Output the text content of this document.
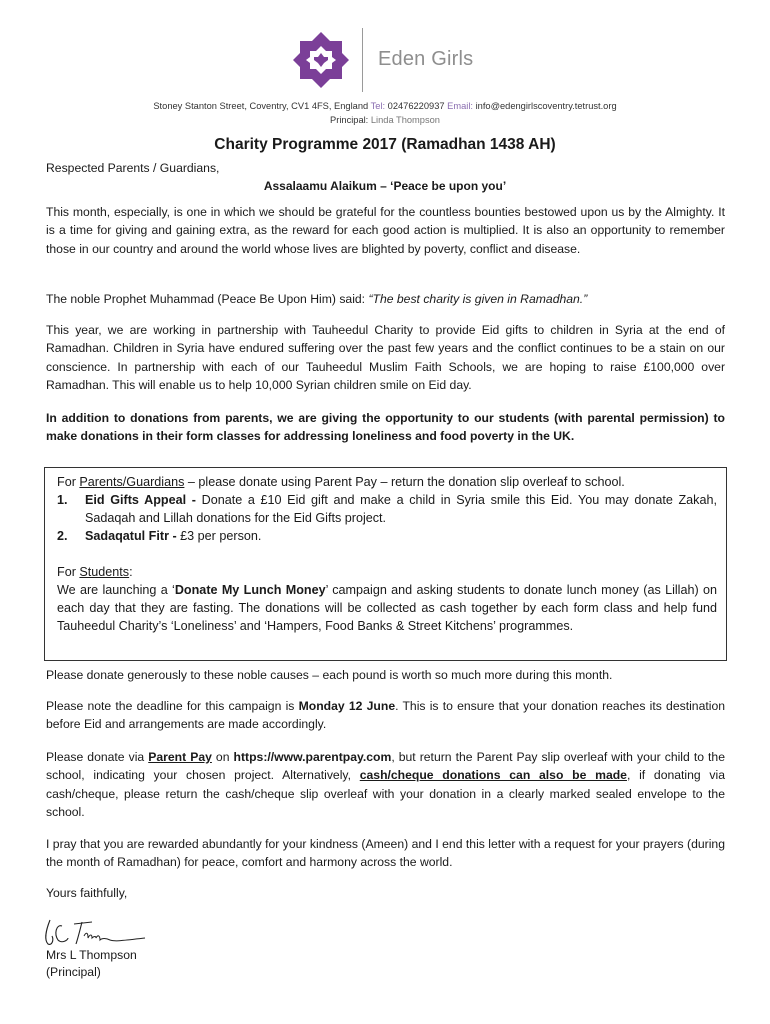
Eden Girls
Stoney Stanton Street, Coventry, CV1 4FS, England Tel: 02476220937 Email: info@edengirlscoventry.tetrust.org
Principal: Linda Thompson
Charity Programme 2017 (Ramadhan 1438 AH)
Respected Parents / Guardians,
Assalaamu Alaikum – ‘Peace be upon you’
This month, especially, is one in which we should be grateful for the countless bounties bestowed upon us by the Almighty. It is a time for giving and gaining extra, as the reward for each good action is multiplied. It is also an opportunity to remember those in our country and around the world whose lives are blighted by poverty, conflict and disease.
The noble Prophet Muhammad (Peace Be Upon Him) said: “The best charity is given in Ramadhan.”
This year, we are working in partnership with Tauheedul Charity to provide Eid gifts to children in Syria at the end of Ramadhan. Children in Syria have endured suffering over the past few years and the conflict continues to be a stain on our conscience. In partnership with each of our Tauheedul Muslim Faith Schools, we are hoping to raise £100,000 over Ramadhan. This will enable us to help 10,000 Syrian children smile on Eid day.
In addition to donations from parents, we are giving the opportunity to our students (with parental permission) to make donations in their form classes for addressing loneliness and food poverty in the UK.
For Parents/Guardians – please donate using Parent Pay – return the donation slip overleaf to school.
1.	Eid Gifts Appeal - Donate a £10 Eid gift and make a child in Syria smile this Eid. You may donate Zakah, Sadaqah and Lillah donations for the Eid Gifts project.
2.	Sadaqatul Fitr - £3 per person.
For Students:
We are launching a ‘Donate My Lunch Money’ campaign and asking students to donate lunch money (as Lillah) on each day that they are fasting. The donations will be collected as cash together by each form class and help fund Tauheedul Charity’s ‘Loneliness’ and ‘Hampers, Food Banks & Street Kitchens’ programmes.
Please donate generously to these noble causes – each pound is worth so much more during this month.
Please note the deadline for this campaign is Monday 12 June. This is to ensure that your donation reaches its destination before Eid and arrangements are made accordingly.
Please donate via Parent Pay on https://www.parentpay.com, but return the Parent Pay slip overleaf with your child to the school, indicating your chosen project. Alternatively, cash/cheque donations can also be made, if donating via cash/cheque, please return the cash/cheque slip overleaf with your donation in a clearly marked sealed envelope to the school.
I pray that you are rewarded abundantly for your kindness (Ameen) and I end this letter with a request for your prayers (during the month of Ramadhan) for peace, comfort and harmony across the world.
Yours faithfully,
Mrs L Thompson
(Principal)
